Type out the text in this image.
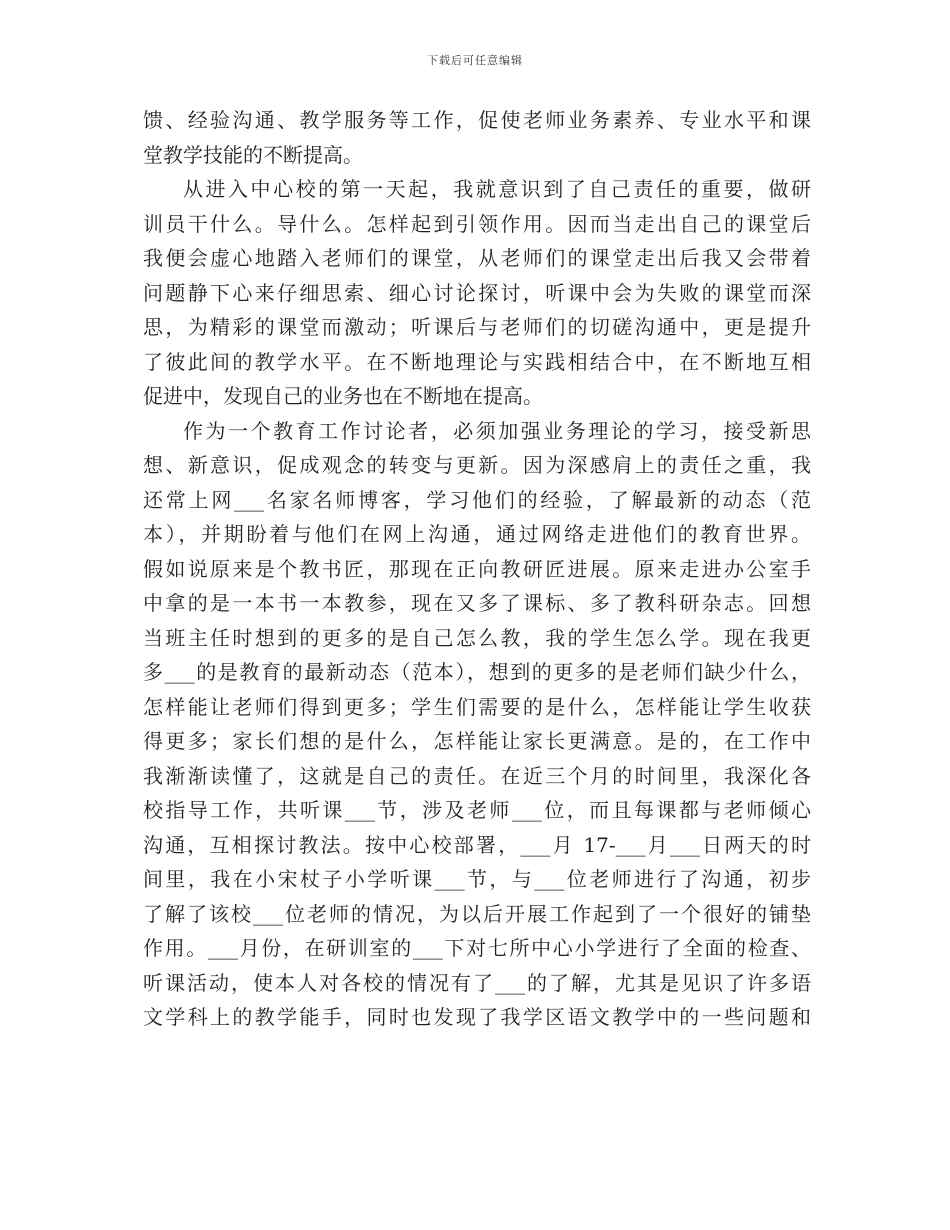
下载后可任意编辑
馈、经验沟通、教学服务等工作，促使老师业务素养、专业水平和课
堂教学技能的不断提高。
从进入中心校的第一天起，我就意识到了自己责任的重要，做研
训员干什么。导什么。怎样起到引领作用。因而当走出自己的课堂后
我便会虚心地踏入老师们的课堂，从老师们的课堂走出后我又会带着
问题静下心来仔细思索、细心讨论探讨，听课中会为失败的课堂而深
思，为精彩的课堂而激动；听课后与老师们的切磋沟通中，更是提升
了彼此间的教学水平。在不断地理论与实践相结合中，在不断地互相
促进中，发现自己的业务也在不断地在提高。
作为一个教育工作讨论者，必须加强业务理论的学习，接受新思
想、新意识，促成观念的转变与更新。因为深感肩上的责任之重，我
还常上网___名家名师博客，学习他们的经验，了解最新的动态（范
本），并期盼着与他们在网上沟通，通过网络走进他们的教育世界。
假如说原来是个教书匠，那现在正向教研匠进展。原来走进办公室手
中拿的是一本书一本教参，现在又多了课标、多了教科研杂志。回想
当班主任时想到的更多的是自己怎么教，我的学生怎么学。现在我更
多___的是教育的最新动态（范本），想到的更多的是老师们缺少什么，
怎样能让老师们得到更多；学生们需要的是什么，怎样能让学生收获
得更多；家长们想的是什么，怎样能让家长更满意。是的，在工作中
我渐渐读懂了，这就是自己的责任。在近三个月的时间里，我深化各
校指导工作，共听课___节，涉及老师___位，而且每课都与老师倾心
沟通，互相探讨教法。按中心校部署，___月 17-___月___日两天的时
间里，我在小宋杖子小学听课___节，与___位老师进行了沟通，初步
了解了该校___位老师的情况，为以后开展工作起到了一个很好的铺垫
作用。___月份，在研训室的___下对七所中心小学进行了全面的检查、
听课活动，使本人对各校的情况有了___的了解，尤其是见识了许多语
文学科上的教学能手，同时也发现了我学区语文教学中的一些问题和
